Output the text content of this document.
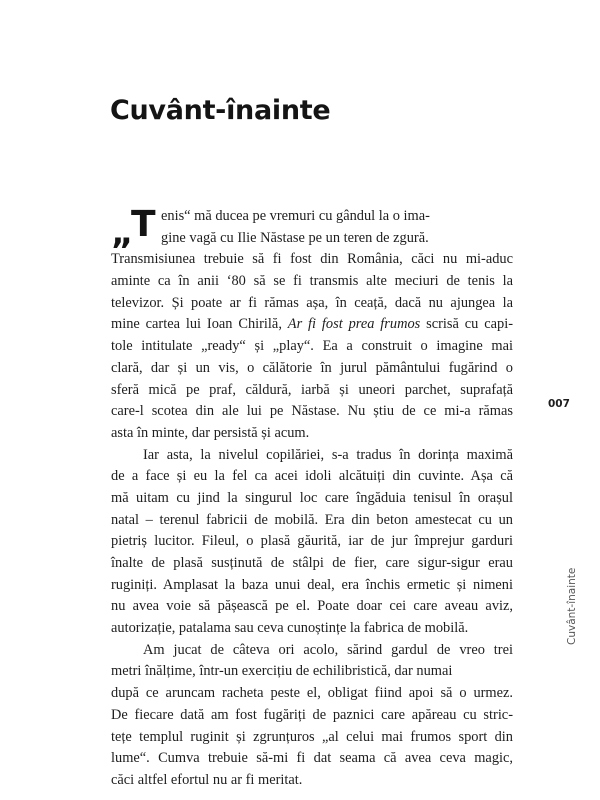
Cuvânt-înainte
„
T enis“ mă ducea pe vremuri cu gândul la o ima-
gine vagă cu Ilie Năstase pe un teren de zgură.
Transmisiunea trebuie să fi fost din România, căci nu mi-aduc
aminte ca în anii ‘80 să se fi transmis alte meciuri de tenis la
televizor. Și poate ar fi rămas așa, în ceață, dacă nu ajungea la
mine cartea lui Ioan Chirilă, Ar fi fost prea frumos scrisă cu capi-
tole intitulate „ready“ și „play“. Ea a construit o imagine mai
clară, dar și un vis, o călătorie în jurul pământului fugărind o
sferă mică pe praf, căldură, iarbă și uneori parchet, suprafață
care-l scotea din ale lui pe Năstase. Nu știu de ce mi-a rămas
asta în minte, dar persistă și acum.
Iar asta, la nivelul copilăriei, s-a tradus în dorința maximă
de a face și eu la fel ca acei idoli alcătuiți din cuvinte. Așa că
mă uitam cu jind la singurul loc care îngăduia tenisul în orașul
natal – terenul fabricii de mobilă. Era din beton amestecat cu un
pietriș lucitor. Fileul, o plasă găurită, iar de jur împrejur garduri
înalte de plasă susținută de stâlpi de fier, care sigur-sigur erau
ruginiți. Amplasat la baza unui deal, era închis ermetic și nimeni
nu avea voie să pășească pe el. Poate doar cei care aveau aviz,
autorizație, patalama sau ceva cunoștințe la fabrica de mobilă.
Am jucat de câteva ori acolo, sărind gardul de vreo trei
metri înălțime, într-un exercițiu de echilibristică, dar numai
după ce aruncam racheta peste el, obligat fiind apoi să o urmez.
De fiecare dată am fost fugăriți de paznici care apăreau cu stric-
tețe templul ruginit și zgrunțuros „al celui mai frumos sport din
lume“. Cumva trebuie să-mi fi dat seama că avea ceva magic,
căci altfel efortul nu ar fi meritat.
007
Cuvânt-înainte
